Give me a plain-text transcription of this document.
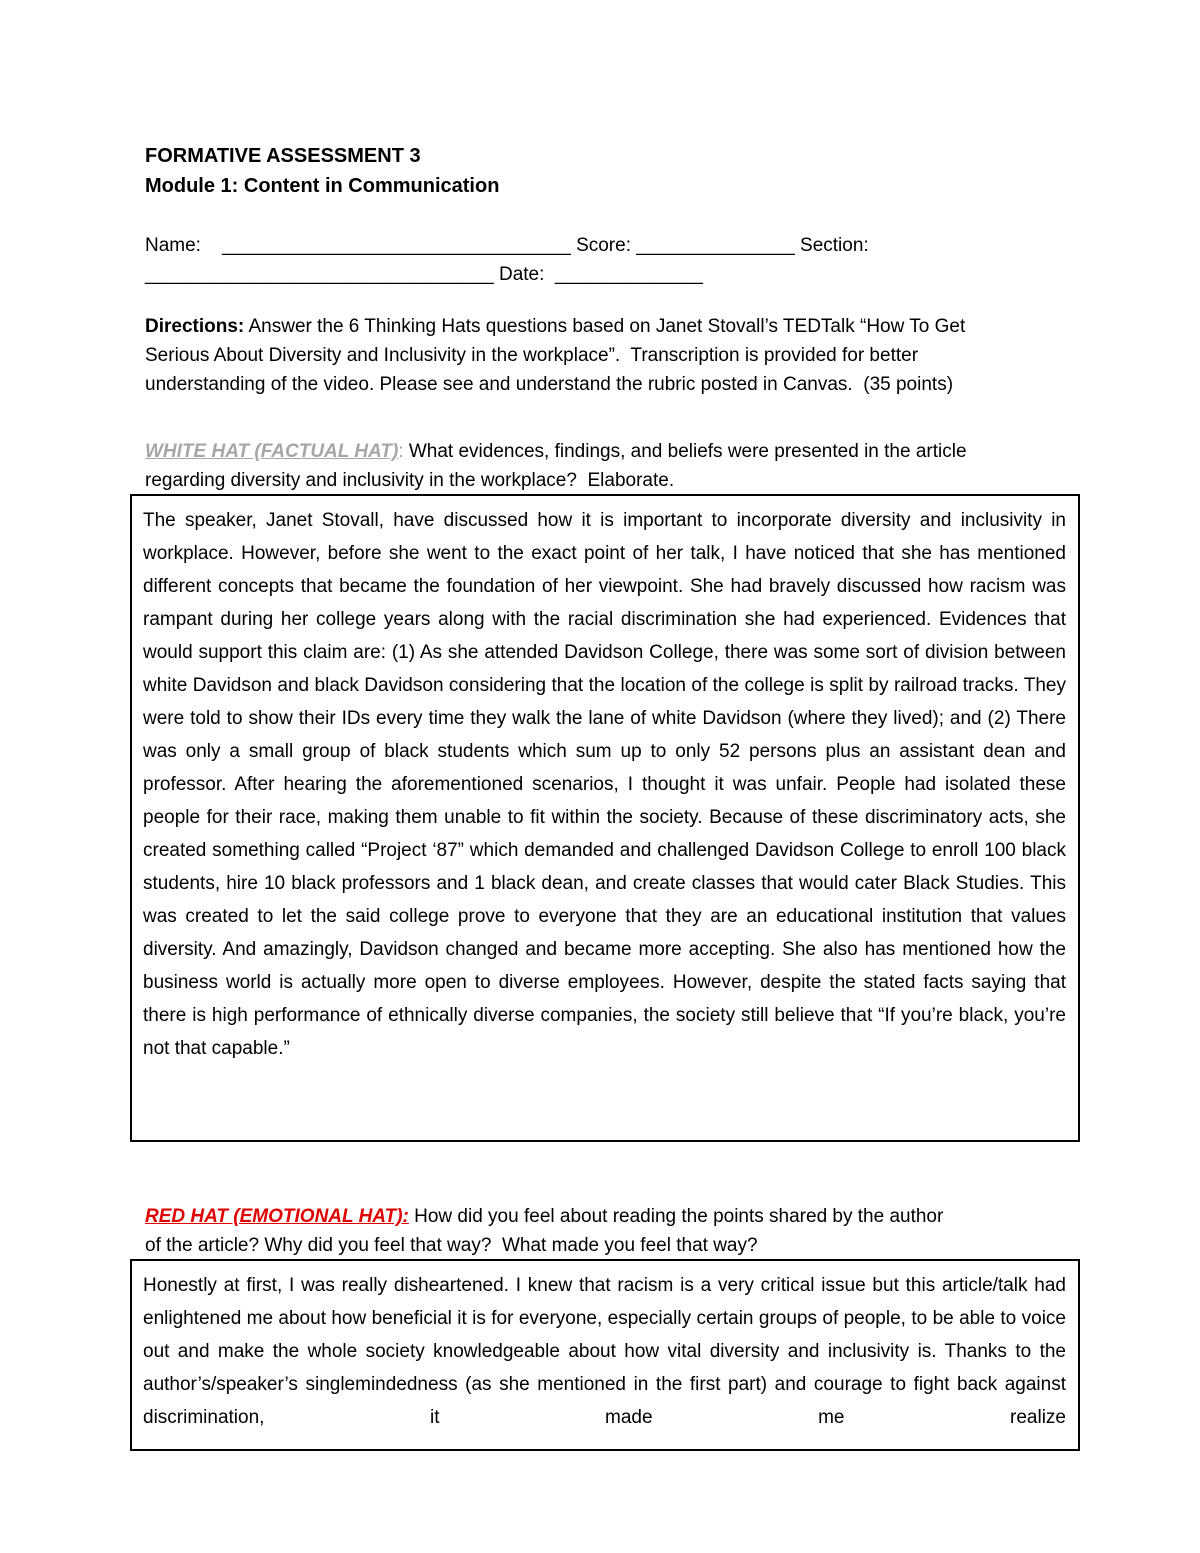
FORMATIVE ASSESSMENT 3
Module 1: Content in Communication
Name:    _________________________________ Score: _______________ Section:
_________________________________ Date:  ______________
Directions: Answer the 6 Thinking Hats questions based on Janet Stovall’s TEDTalk “How To Get
Serious About Diversity and Inclusivity in the workplace”.  Transcription is provided for better
understanding of the video. Please see and understand the rubric posted in Canvas.  (35 points)
WHITE HAT (FACTUAL HAT): What evidences, findings, and beliefs were presented in the article
regarding diversity and inclusivity in the workplace?  Elaborate.

The speaker, Janet Stovall, have discussed how it is important to incorporate diversity and inclusivity in workplace. However, before she went to the exact point of her talk, I have noticed that she has mentioned different concepts that became the foundation of her viewpoint. She had bravely discussed how racism was rampant during her college years along with the racial discrimination she had experienced. Evidences that would support this claim are: (1) As she attended Davidson College, there was some sort of division between white Davidson and black Davidson considering that the location of the college is split by railroad tracks. They were told to show their IDs every time they walk the lane of white Davidson (where they lived); and (2) There was only a small group of black students which sum up to only 52 persons plus an assistant dean and professor. After hearing the aforementioned scenarios, I thought it was unfair. People had isolated these people for their race, making them unable to fit within the society. Because of these discriminatory acts, she created something called “Project ‘87” which demanded and challenged Davidson College to enroll 100 black students, hire 10 black professors and 1 black dean, and create classes that would cater Black Studies. This was created to let the said college prove to everyone that they are an educational institution that values diversity. And amazingly, Davidson changed and became more accepting. She also has mentioned how the business world is actually more open to diverse employees. However, despite the stated facts saying that there is high performance of ethnically diverse companies, the society still believe that “If you’re black, you’re not that capable.”

RED HAT (EMOTIONAL HAT): How did you feel about reading the points shared by the author
of the article? Why did you feel that way?  What made you feel that way?

Honestly at first, I was really disheartened. I knew that racism is a very critical issue but this article/talk had enlightened me about how beneficial it is for everyone, especially certain groups of people, to be able to voice out and make the whole society knowledgeable about how vital diversity and inclusivity is. Thanks to the author’s/speaker’s singlemindedness (as she mentioned in the first part) and courage to fight back against discrimination, it made me realize
